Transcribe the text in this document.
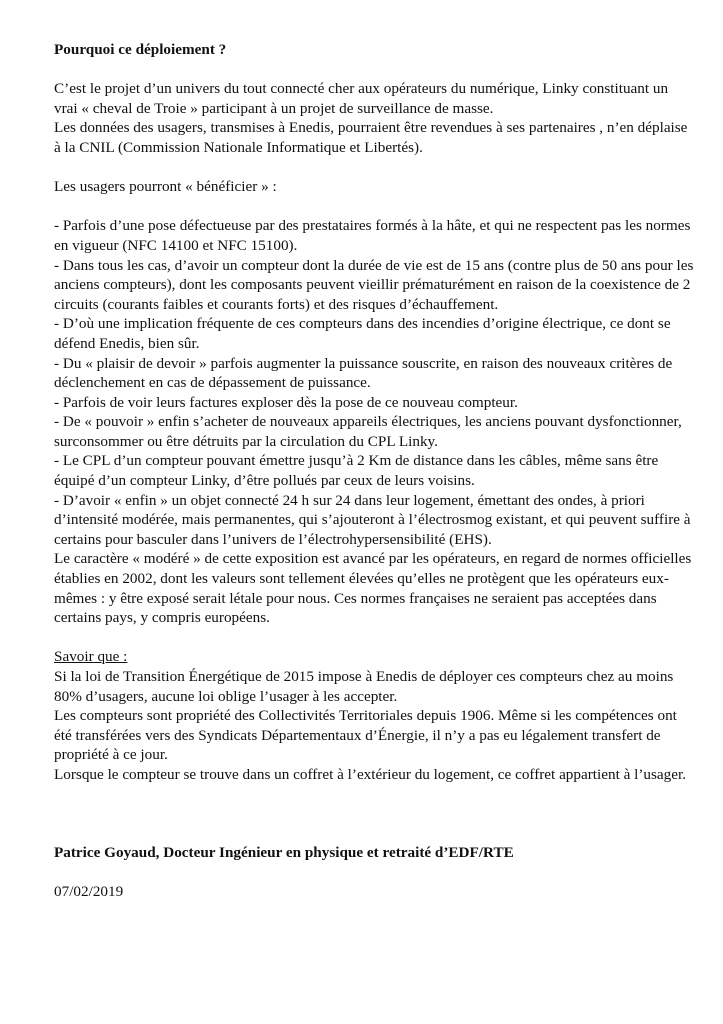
Pourquoi ce déploiement ?

C’est le projet d’un univers du tout connecté cher aux opérateurs du numérique, Linky constituant un vrai « cheval de Troie » participant à un projet de surveillance de masse.

Les données des usagers, transmises à Enedis, pourraient être revendues à ses partenaires , n’en déplaise à la CNIL (Commission Nationale Informatique et Libertés).

Les usagers pourront « bénéficier » :

- Parfois d’une pose défectueuse par des prestataires formés à la hâte, et qui ne respectent pas les normes en vigueur (NFC 14100 et NFC 15100).

- Dans tous les cas, d’avoir un compteur dont la durée de vie est de 15 ans (contre plus de 50 ans pour les anciens compteurs), dont les composants peuvent vieillir prématurément en raison de la coexistence de 2 circuits (courants faibles et courants forts) et des risques d’échauffement.

- D’où une implication fréquente de ces compteurs dans des incendies d’origine électrique, ce dont se défend Enedis, bien sûr.

- Du « plaisir de devoir » parfois augmenter la puissance souscrite, en raison des nouveaux critères de déclenchement en cas de dépassement de puissance.

- Parfois de voir leurs factures exploser dès la pose de ce nouveau compteur.

- De « pouvoir » enfin s’acheter de nouveaux appareils électriques, les anciens pouvant dysfonctionner, surconsommer ou être détruits par la circulation du CPL Linky.

- Le CPL d’un compteur pouvant émettre jusqu’à 2 Km de distance dans les câbles, même sans être équipé d’un compteur Linky, d’être pollués par ceux de leurs voisins.

- D’avoir « enfin » un objet connecté 24 h sur 24 dans leur logement, émettant des ondes, à priori d’intensité modérée, mais permanentes, qui s’ajouteront à l’électrosmog existant, et qui peuvent suffire à certains pour basculer dans l’univers de l’électrohypersensibilité (EHS).

Le caractère « modéré » de cette exposition est avancé par les opérateurs, en regard de normes officielles établies en 2002, dont les valeurs sont tellement élevées qu’elles ne protègent que les opérateurs eux-mêmes : y être exposé serait létale pour nous. Ces normes françaises ne seraient pas acceptées dans certains pays, y compris européens.

Savoir que :

Si la loi de Transition Énergétique de 2015 impose à Enedis de déployer ces compteurs chez au moins 80% d’usagers, aucune loi oblige l’usager à les accepter.

Les compteurs sont propriété des Collectivités Territoriales depuis 1906. Même si les compétences ont été transférées vers des Syndicats Départementaux d’Énergie, il n’y a pas eu légalement transfert de propriété à ce jour.

Lorsque le compteur se trouve dans un coffret à l’extérieur du logement, ce coffret appartient à l’usager.

Patrice Goyaud, Docteur Ingénieur en physique et retraité d’EDF/RTE

07/02/2019
